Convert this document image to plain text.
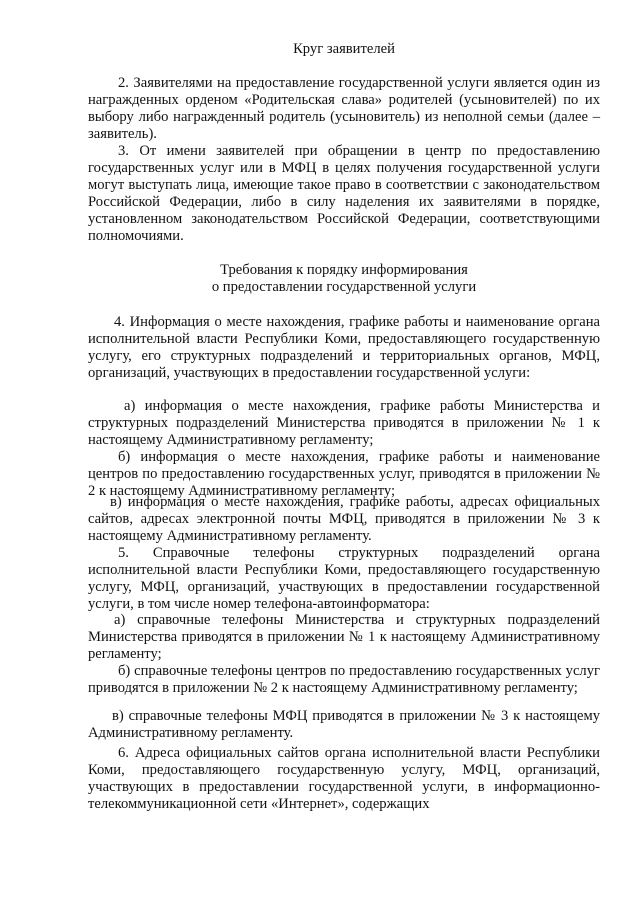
Круг заявителей

2. Заявителями на предоставление государственной услуги является один из награжденных орденом «Родительская слава» родителей (усыновителей) по их выбору либо награжденный родитель (усыновитель) из неполной семьи (далее – заявитель).

3. От имени заявителей при обращении в центр по предоставлению государственных услуг или в МФЦ в целях получения государственной услуги могут выступать лица, имеющие такое право в соответствии с законодательством Российской Федерации, либо в силу наделения их заявителями в порядке, установленном законодательством Российской Федерации, соответствующими полномочиями.

Требования к порядку информирования
о предоставлении государственной услуги

4. Информация о месте нахождения, графике работы и наименование органа исполнительной власти Республики Коми, предоставляющего государственную услугу, его структурных подразделений и территориальных органов, МФЦ, организаций, участвующих в предоставлении государственной услуги:

а) информация о месте нахождения, графике работы Министерства и структурных подразделений Министерства приводятся в приложении № 1 к настоящему Административному регламенту;

б) информация о месте нахождения, графике работы и наименование центров по предоставлению государственных услуг, приводятся в приложении № 2 к настоящему Административному регламенту;

в) информация о месте нахождения, графике работы, адресах официальных сайтов, адресах электронной почты МФЦ, приводятся в приложении № 3 к настоящему Административному регламенту.

5. Справочные телефоны структурных подразделений органа исполнительной власти Республики Коми, предоставляющего государственную услугу, МФЦ, организаций, участвующих в предоставлении государственной услуги, в том числе номер телефона-автоинформатора:

а) справочные телефоны Министерства и структурных подразделений Министерства приводятся в приложении № 1 к настоящему Административному регламенту;

б) справочные телефоны центров по предоставлению государственных услуг приводятся в приложении № 2 к настоящему Административному регламенту;

в) справочные телефоны МФЦ приводятся в приложении № 3 к настоящему Административному регламенту.

6. Адреса официальных сайтов органа исполнительной власти Республики Коми, предоставляющего государственную услугу, МФЦ, организаций, участвующих в предоставлении государственной услуги, в информационно-телекоммуникационной сети «Интернет», содержащих
